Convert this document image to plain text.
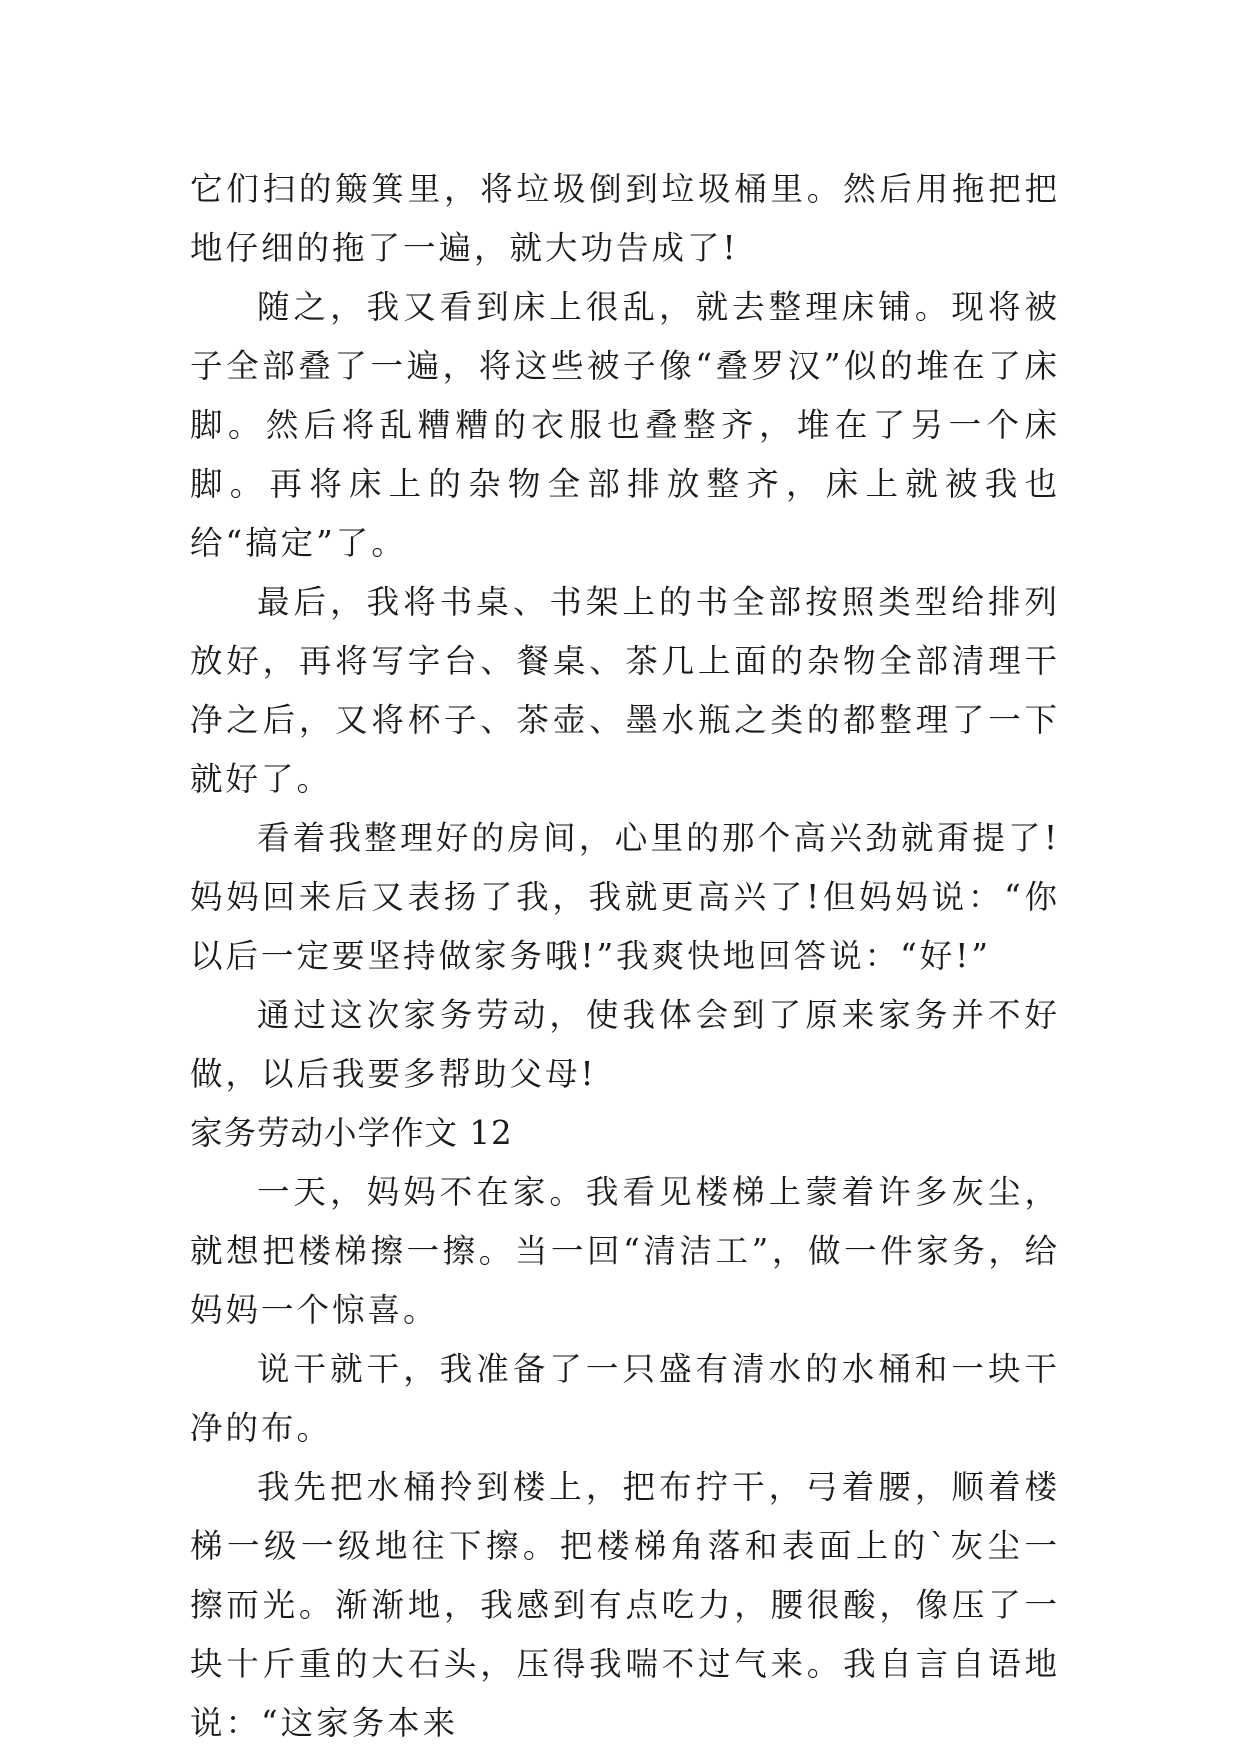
它们扫的簸箕里，将垃圾倒到垃圾桶里。然后用拖把把地仔细的拖了一遍，就大功告成了!

随之，我又看到床上很乱，就去整理床铺。现将被子全部叠了一遍，将这些被子像“叠罗汉”似的堆在了床脚。然后将乱糟糟的衣服也叠整齐，堆在了另一个床脚。再将床上的杂物全部排放整齐，床上就被我也给“搞定”了。

最后，我将书桌、书架上的书全部按照类型给排列放好，再将写字台、餐桌、茶几上面的杂物全部清理干净之后，又将杯子、茶壶、墨水瓶之类的都整理了一下就好了。

看着我整理好的房间，心里的那个高兴劲就甭提了!妈妈回来后又表扬了我，我就更高兴了!但妈妈说：“你以后一定要坚持做家务哦!”我爽快地回答说：“好!”

通过这次家务劳动，使我体会到了原来家务并不好做，以后我要多帮助父母!

家务劳动小学作文 12

一天，妈妈不在家。我看见楼梯上蒙着许多灰尘，就想把楼梯擦一擦。当一回“清洁工”，做一件家务，给妈妈一个惊喜。

说干就干，我准备了一只盛有清水的水桶和一块干净的布。

我先把水桶拎到楼上，把布拧干，弓着腰，顺着楼梯一级一级地往下擦。把楼梯角落和表面上的`灰尘一擦而光。渐渐地，我感到有点吃力，腰很酸，像压了一块十斤重的大石头，压得我喘不过气来。我自言自语地说：“这家务本来
